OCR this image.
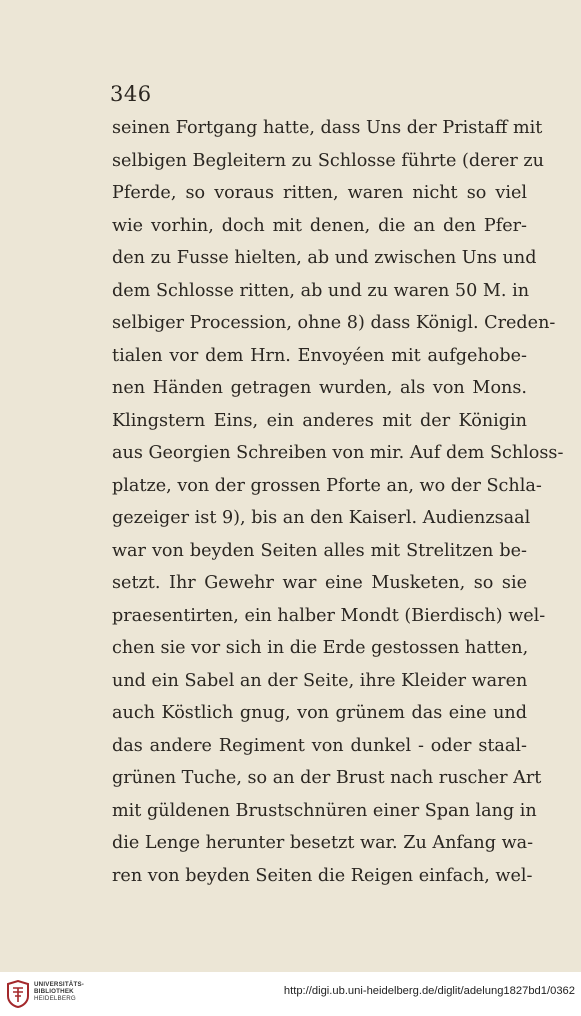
346
seinen Fortgang hatte, dass Uns der Pristaff mit
selbigen Begleitern zu Schlosse führte (derer zu
Pferde, so voraus ritten, waren nicht so viel
wie vorhin, doch mit denen, die an den Pfer-
den zu Fusse hielten, ab und zwischen Uns und
dem Schlosse ritten, ab und zu waren 50 M. in
selbiger Procession, ohne 8) dass Königl. Creden-
tialen vor dem Hrn. Envoyéen mit aufgehobe-
nen Händen getragen wurden, als von Mons.
Klingstern Eins, ein anderes mit der Königin
aus Georgien Schreiben von mir. Auf dem Schloss-
platze, von der grossen Pforte an, wo der Schla-
gezeiger ist 9), bis an den Kaiserl. Audienzsaal
war von beyden Seiten alles mit Strelitzen be-
setzt. Ihr Gewehr war eine Musketen, so sie
praesentirten, ein halber Mondt (Bierdisch) wel-
chen sie vor sich in die Erde gestossen hatten,
und ein Sabel an der Seite, ihre Kleider waren
auch Köstlich gnug, von grünem das eine und
das andere Regiment von dunkel - oder staal-
grünen Tuche, so an der Brust nach ruscher Art
mit güldenen Brustschnüren einer Span lang in
die Lenge herunter besetzt war. Zu Anfang wa-
ren von beyden Seiten die Reigen einfach, wel-
UNIVERSITÄTS-
BIBLIOTHEK
HEIDELBERG
http://digi.ub.uni-heidelberg.de/diglit/adelung1827bd1/0362
